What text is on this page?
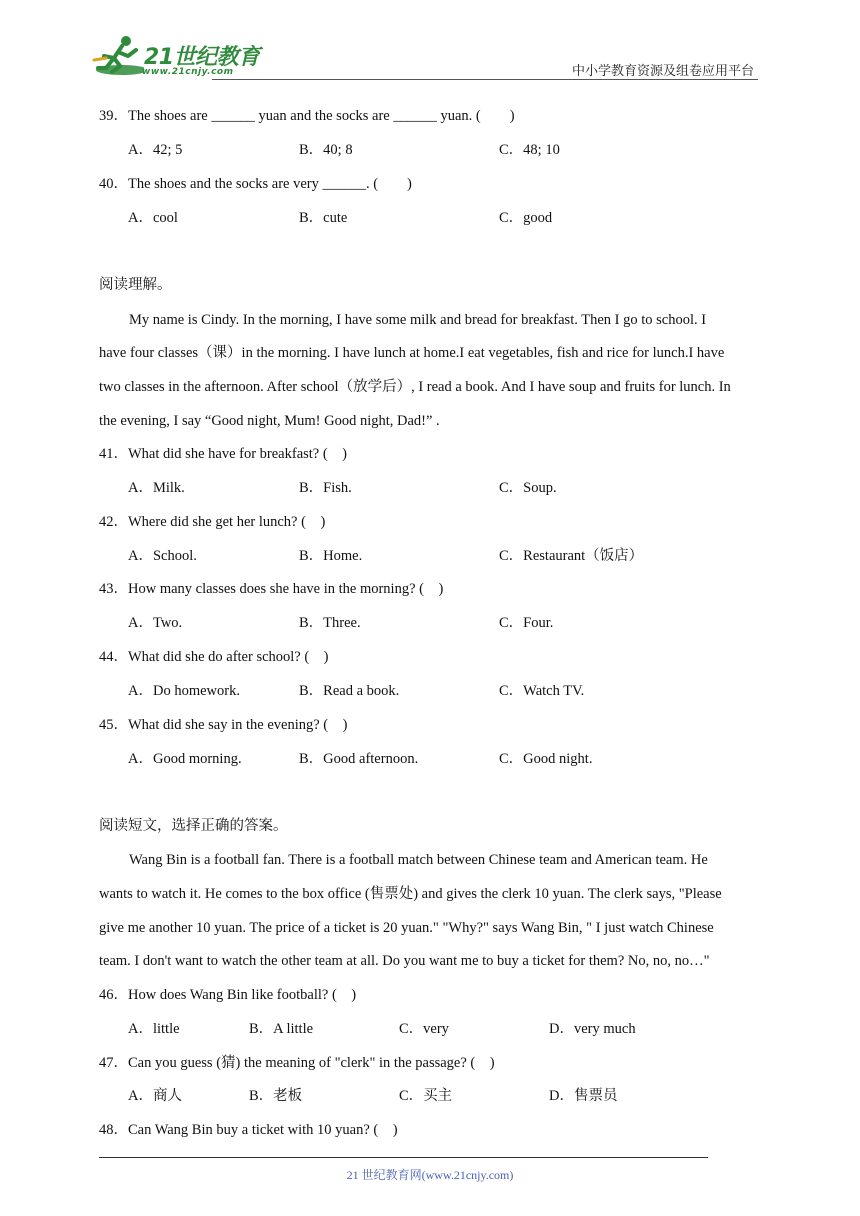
21世纪教育
www.21cnjy.com	中小学教育资源及组卷应用平台
39．The shoes are ______ yuan and the socks are ______ yuan. (　　)
A．42; 5	B．40; 8	C．48; 10
40．The shoes and the socks are very ______. (　　)
A．cool	B．cute	C．good
阅读理解。
My name is Cindy. In the morning, I have some milk and bread for breakfast. Then I go to school. I
have four classes（课）in the morning. I have lunch at home.I eat vegetables, fish and rice for lunch.I have
two classes in the afternoon. After school（放学后）, I read a book. And I have soup and fruits for lunch. In
the evening, I say “Good night, Mum! Good night, Dad!” .
41．What did she have for breakfast? (　)
A．Milk.	B．Fish.	C．Soup.
42．Where did she get her lunch? (　)
A．School.	B．Home.	C．Restaurant（饭店）
43．How many classes does she have in the morning? (　)
A．Two.	B．Three.	C．Four.
44．What did she do after school? (　)
A．Do homework.	B．Read a book.	C．Watch TV.
45．What did she say in the evening? (　)
A．Good morning.	B．Good afternoon.	C．Good night.
阅读短文，选择正确的答案。
Wang Bin is a football fan. There is a football match between Chinese team and American team. He
wants to watch it. He comes to the box office (售票处) and gives the clerk 10 yuan. The clerk says, "Please
give me another 10 yuan. The price of a ticket is 20 yuan." "Why?" says Wang Bin, " I just watch Chinese
team. I don't want to watch the other team at all. Do you want me to buy a ticket for them? No, no, no…"
46．How does Wang Bin like football? (　)
A．little	B．A little	C．very	D．very much
47．Can you guess (猜) the meaning of "clerk" in the passage? (　)
A．商人	B．老板	C．买主	D．售票员
48．Can Wang Bin buy a ticket with 10 yuan? (　)
21 世纪教育网(www.21cnjy.com)
